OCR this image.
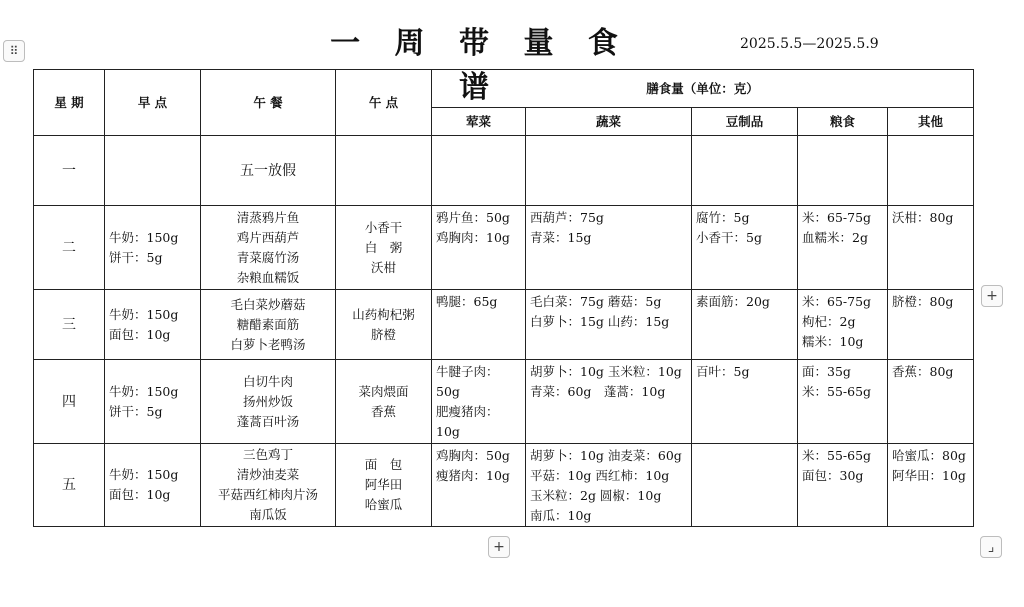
一 周 带 量 食 谱
2025.5.5—2025.5.9
⠿
星 期	早 点	午 餐	午 点	膳食量（单位：克）				
				荤菜	蔬菜	豆制品	粮食	其他
一		五一放假						

二	牛奶：150g
饼干：5g	清蒸鸦片鱼
鸡片西葫芦
青菜腐竹汤
杂粮血糯饭	小香干
白　粥
沃柑	鸦片鱼：50g
鸡胸肉：10g	西葫芦：75g
青菜：15g	腐竹：5g
小香干：5g	米：65-75g
血糯米：2g	沃柑：80g

三	牛奶：150g
面包：10g	毛白菜炒蘑菇
糖醋素面筋
白萝卜老鸭汤	山药枸杞粥
脐橙	鸭腿：65g	毛白菜：75g 蘑菇：5g
白萝卜：15g 山药：15g	素面筋：20g	米：65-75g
枸杞：2g
糯米：10g	脐橙：80g

四	牛奶：150g
饼干：5g	白切牛肉
扬州炒饭
蓬蒿百叶汤	菜肉煨面
香蕉	牛腱子肉：50g
肥瘦猪肉：10g	胡萝卜：10g 玉米粒：10g
青菜：60g　蓬蒿：10g	百叶：5g	面：35g
米：55-65g	香蕉：80g

五	牛奶：150g
面包：10g	三色鸡丁
清炒油麦菜
平菇西红柿肉片汤
南瓜饭	面　包
阿华田
哈蜜瓜	鸡胸肉：50g
瘦猪肉：10g	胡萝卜：10g 油麦菜：60g
平菇：10g 西红柿：10g
玉米粒：2g 圆椒：10g
南瓜：10g		米：55-65g
面包：30g	哈蜜瓜：80g
阿华田：10g
+
+	⌟
